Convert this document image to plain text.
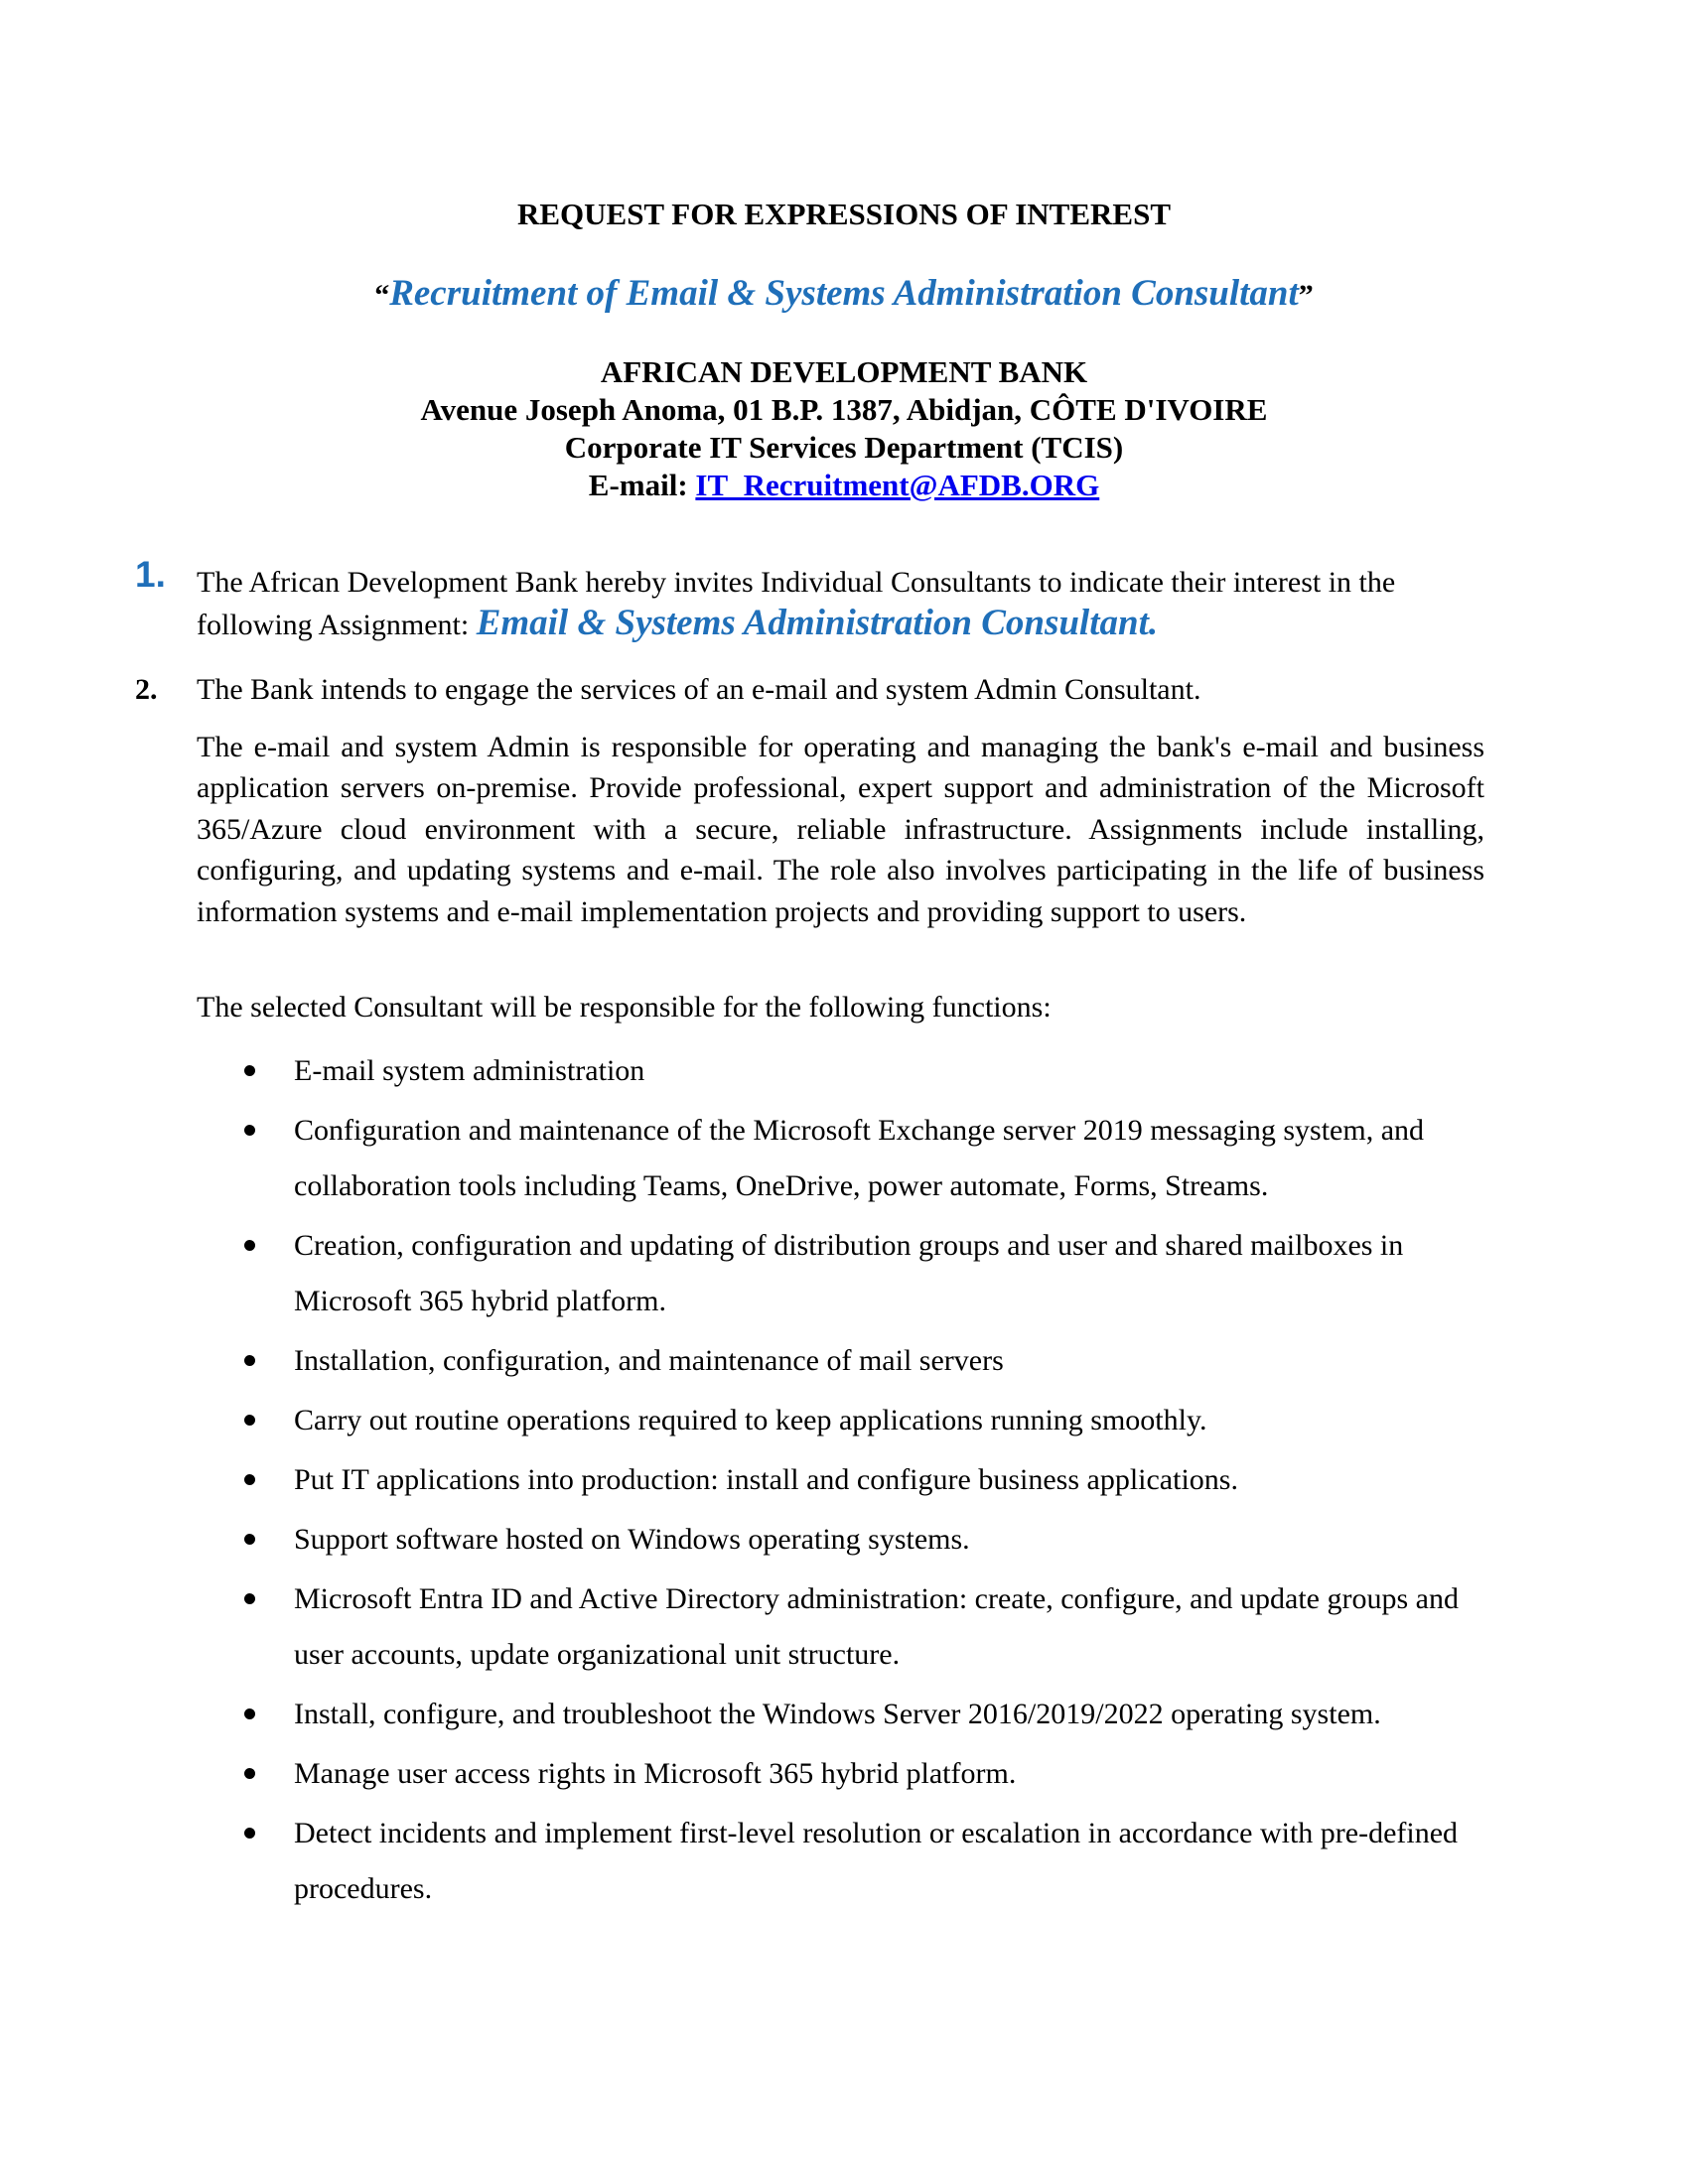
REQUEST FOR EXPRESSIONS OF INTEREST
“Recruitment of Email & Systems Administration Consultant”
AFRICAN DEVELOPMENT BANK
Avenue Joseph Anoma, 01 B.P. 1387, Abidjan, CÔTE D'IVOIRE
Corporate IT Services Department (TCIS)
E-mail: IT_Recruitment@AFDB.ORG
1. The African Development Bank hereby invites Individual Consultants to indicate their interest in the following Assignment: Email & Systems Administration Consultant.
2. The Bank intends to engage the services of an e-mail and system Admin Consultant.
The e-mail and system Admin is responsible for operating and managing the bank's e-mail and business application servers on-premise. Provide professional, expert support and administration of the Microsoft 365/Azure cloud environment with a secure, reliable infrastructure. Assignments include installing, configuring, and updating systems and e-mail. The role also involves participating in the life of business information systems and e-mail implementation projects and providing support to users.
The selected Consultant will be responsible for the following functions:
E-mail system administration
Configuration and maintenance of the Microsoft Exchange server 2019 messaging system, and collaboration tools including Teams, OneDrive, power automate, Forms, Streams.
Creation, configuration and updating of distribution groups and user and shared mailboxes in Microsoft 365 hybrid platform.
Installation, configuration, and maintenance of mail servers
Carry out routine operations required to keep applications running smoothly.
Put IT applications into production: install and configure business applications.
Support software hosted on Windows operating systems.
Microsoft Entra ID and Active Directory administration: create, configure, and update groups and user accounts, update organizational unit structure.
Install, configure, and troubleshoot the Windows Server 2016/2019/2022 operating system.
Manage user access rights in Microsoft 365 hybrid platform.
Detect incidents and implement first-level resolution or escalation in accordance with pre-defined procedures.
